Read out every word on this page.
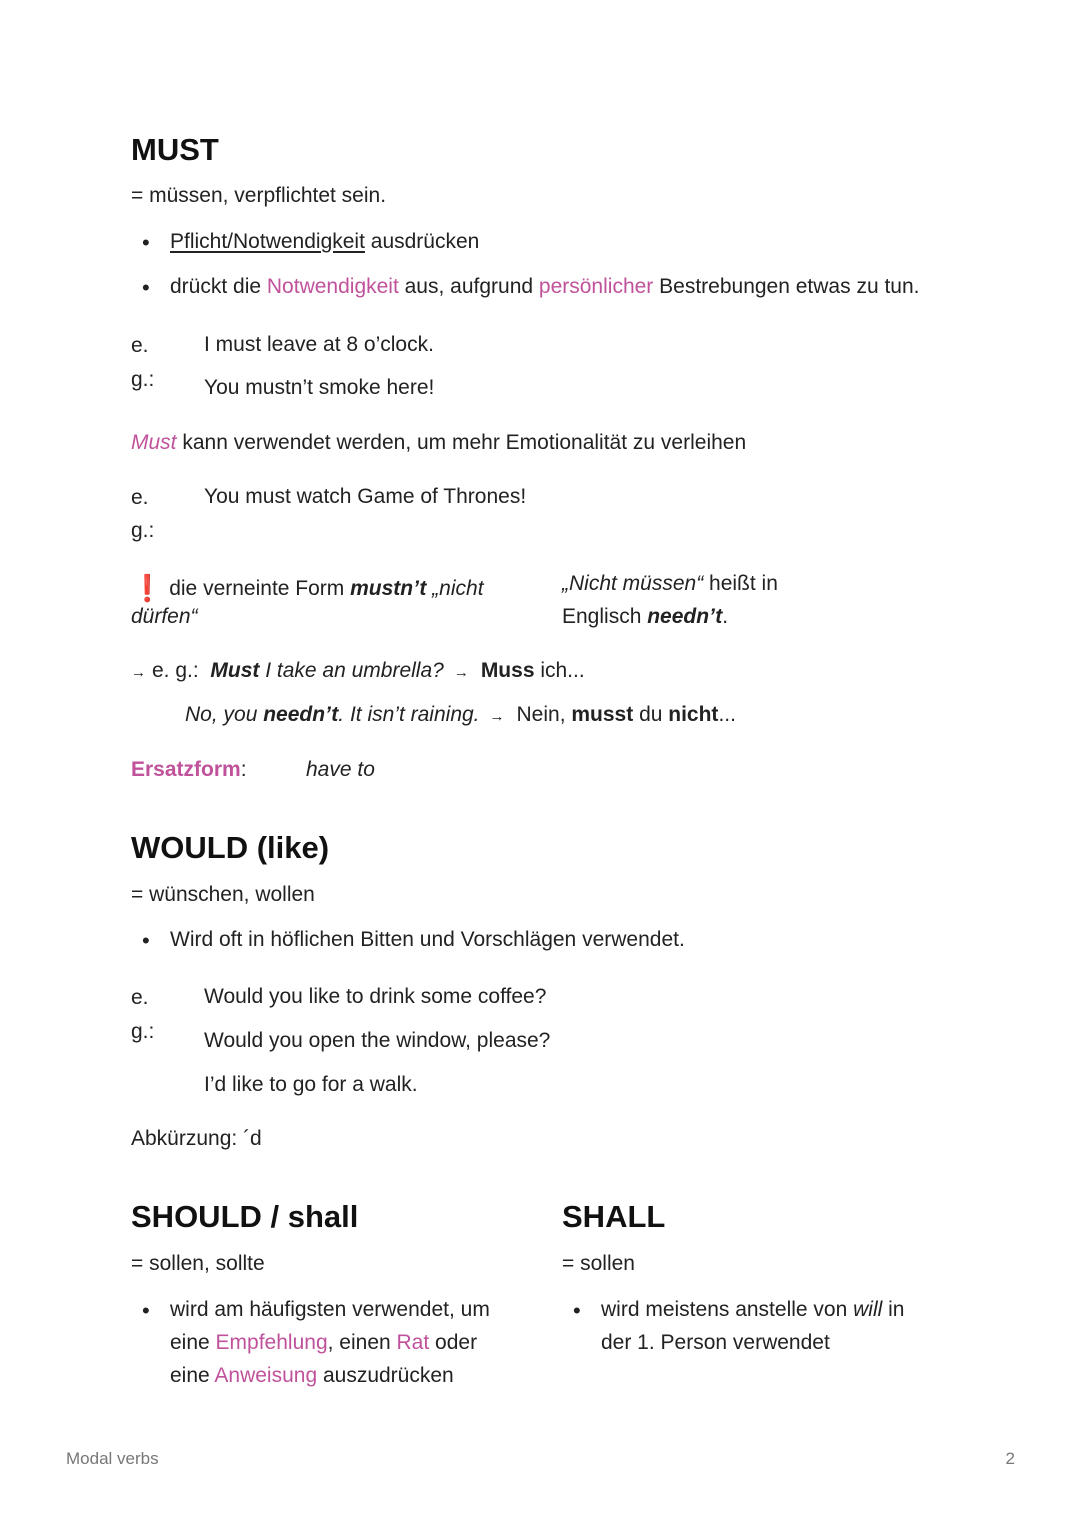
MUST
= müssen, verpflichtet sein.
• Pflicht/Notwendigkeit ausdrücken
• drückt die Notwendigkeit aus, aufgrund persönlicher Bestrebungen etwas zu tun.
e.
g.:
I must leave at 8 o’clock.
You mustn’t smoke here!
Must kann verwendet werden, um mehr Emotionalität zu verleihen
e.
g.:
You must watch Game of Thrones!
❗ die verneinte Form mustn’t „nicht
dürfen“
„Nicht müssen“ heißt in
Englisch needn’t.
→ e. g.: Must I take an umbrella? → Muss ich...
No, you needn’t. It isn’t raining. → Nein, musst du nicht...
Ersatzform:	have to
WOULD (like)
= wünschen, wollen
• Wird oft in höflichen Bitten und Vorschlägen verwendet.
e.
g.:
Would you like to drink some coffee?
Would you open the window, please?
I’d like to go for a walk.
Abkürzung: ´d
SHOULD / shall
= sollen, sollte
• wird am häufigsten verwendet, um
eine Empfehlung, einen Rat oder
eine Anweisung auszudrücken
SHALL
= sollen
• wird meistens anstelle von will in
der 1. Person verwendet
Modal verbs	2
